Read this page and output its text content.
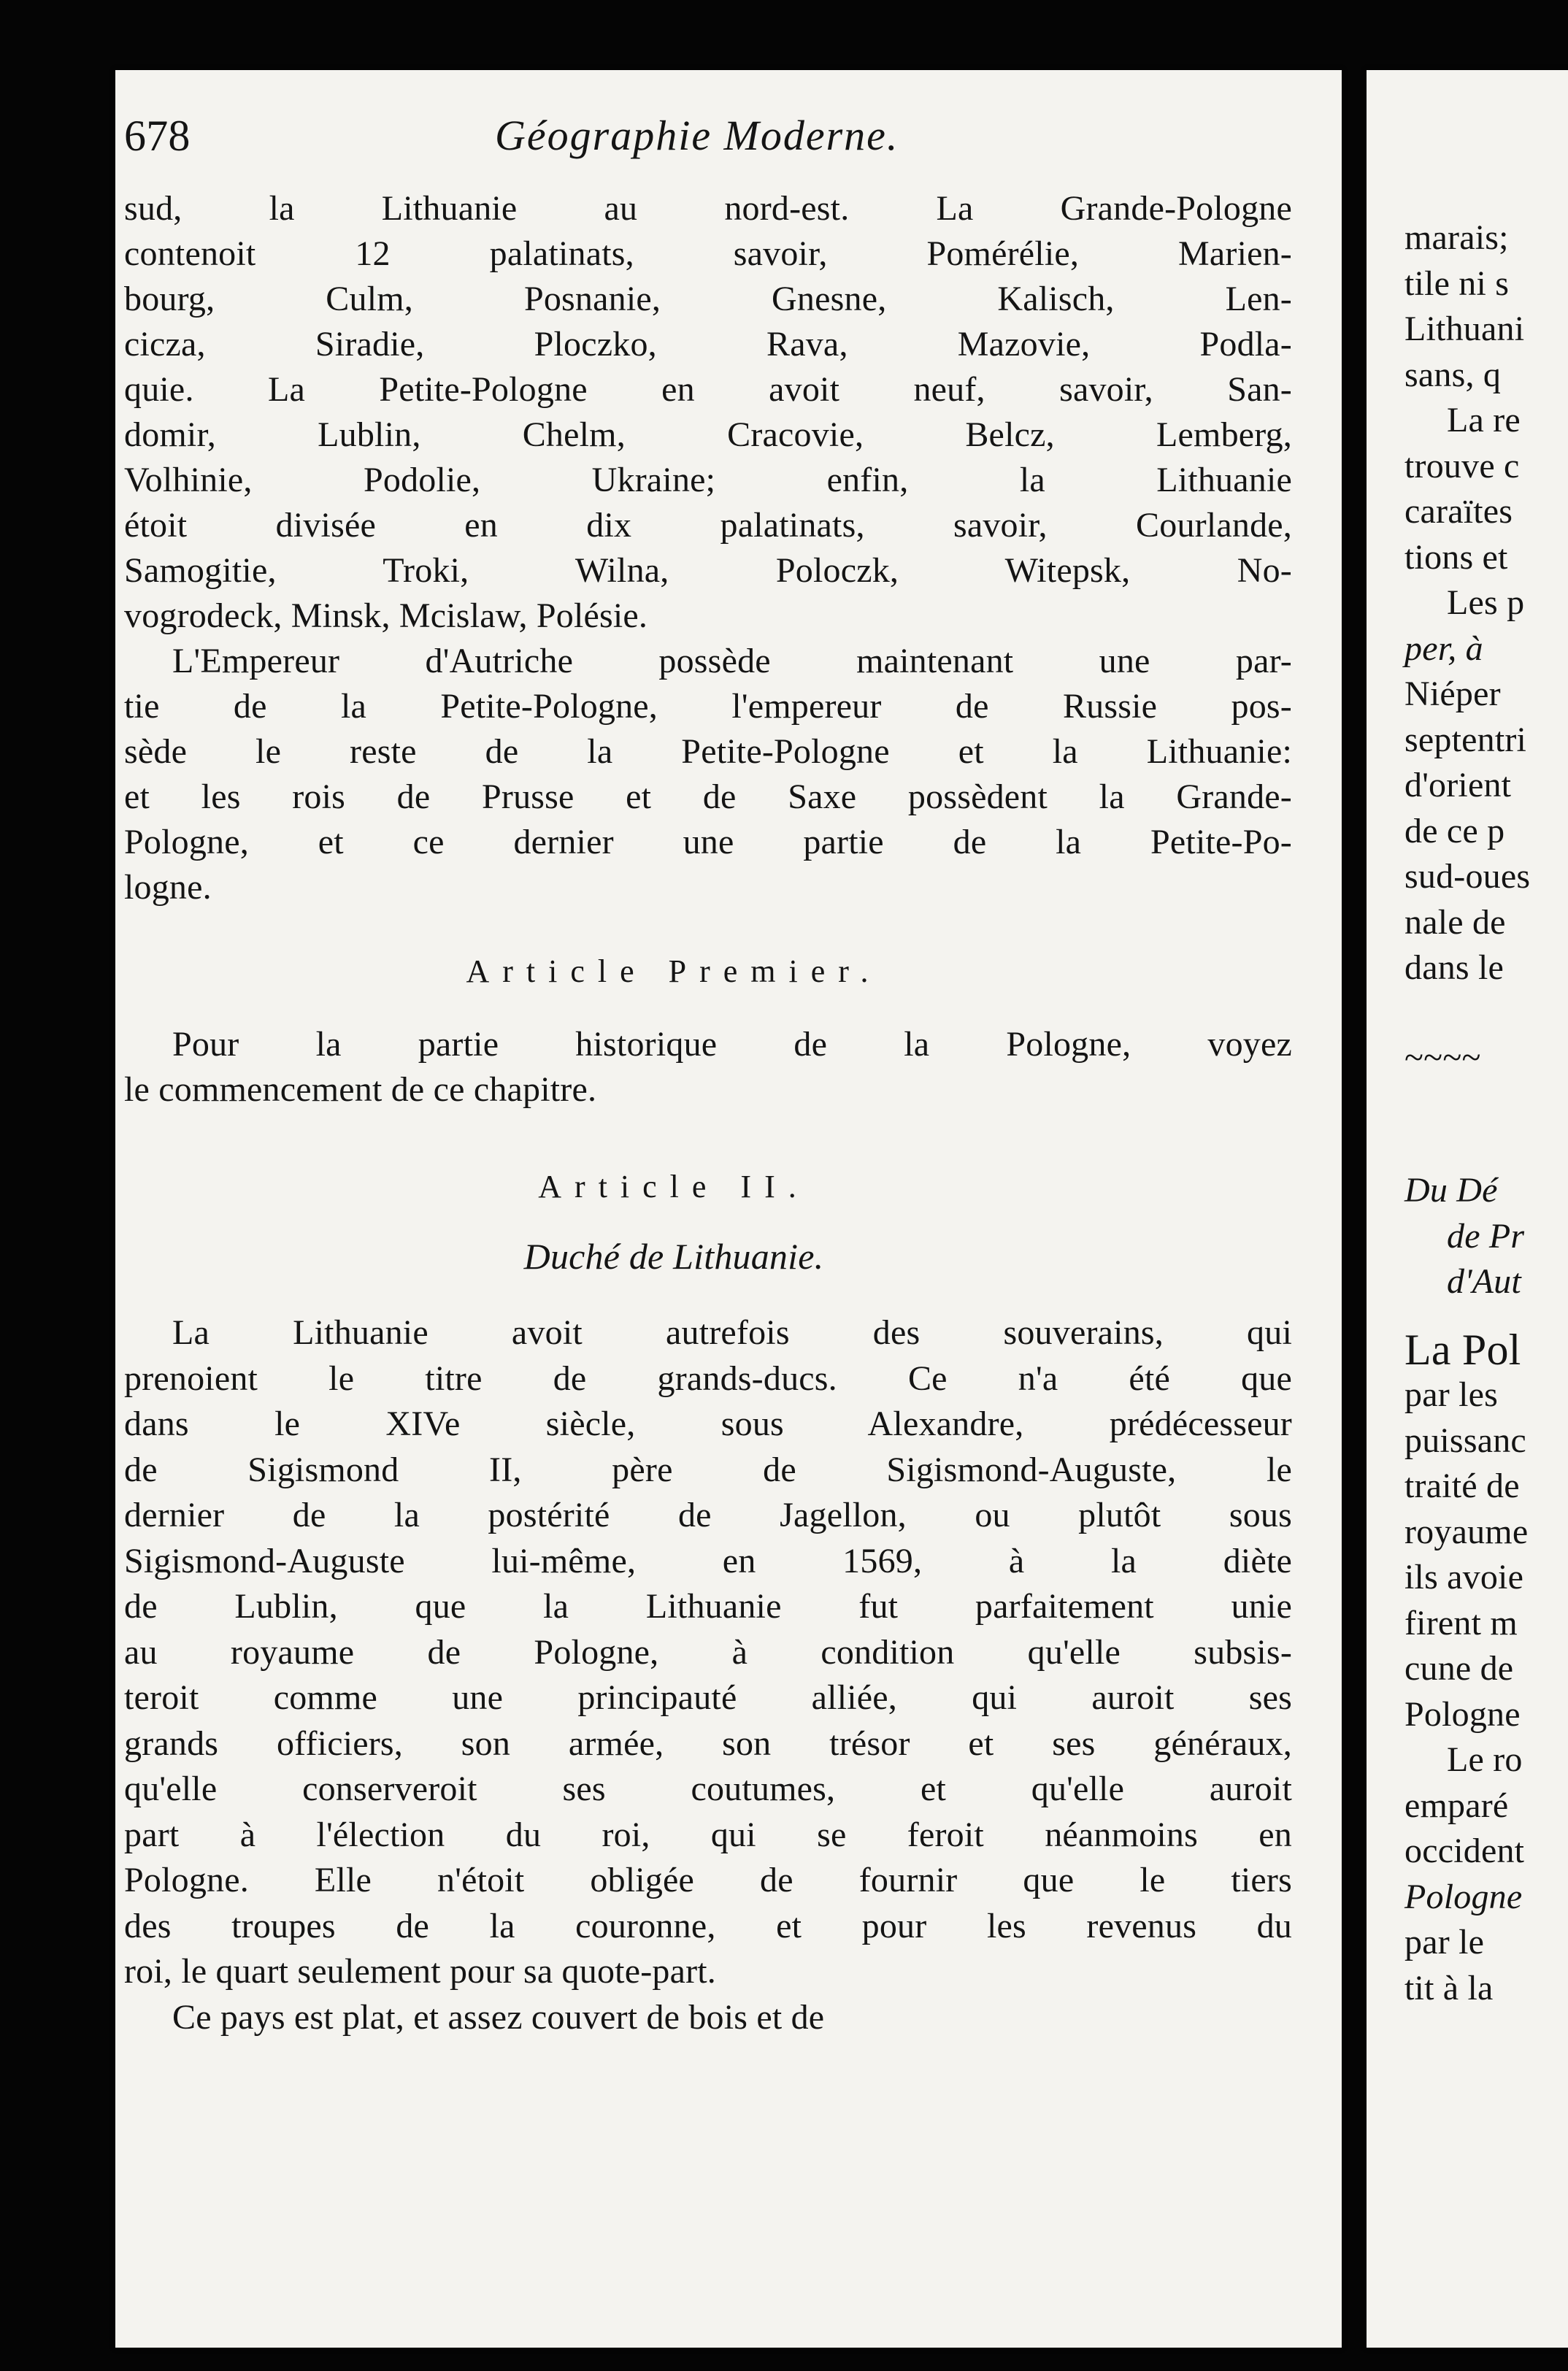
678	Géographie Moderne.
sud, la Lithuanie au nord-est. La Grande-Pologne
contenoit 12 palatinats, savoir, Pomérélie, Marien-
bourg, Culm, Posnanie, Gnesne, Kalisch, Len-
cicza, Siradie, Ploczko, Rava, Mazovie, Podla-
quie. La Petite-Pologne en avoit neuf, savoir, San-
domir, Lublin, Chelm, Cracovie, Belcz, Lemberg,
Volhinie, Podolie, Ukraine; enfin, la Lithuanie
étoit divisée en dix palatinats, savoir, Courlande,
Samogitie, Troki, Wilna, Poloczk, Witepsk, No-
vogrodeck, Minsk, Mcislaw, Polésie.
L'Empereur d'Autriche possède maintenant une par-
tie de la Petite-Pologne, l'empereur de Russie pos-
sède le reste de la Petite-Pologne et la Lithuanie:
et les rois de Prusse et de Saxe possèdent la Grande-
Pologne, et ce dernier une partie de la Petite-Po-
logne.
Article Premier.
Pour la partie historique de la Pologne, voyez
le commencement de ce chapitre.
Article II.
Duché de Lithuanie.
La Lithuanie avoit autrefois des souverains, qui
prenoient le titre de grands-ducs. Ce n'a été que
dans le XIVe siècle, sous Alexandre, prédécesseur
de Sigismond II, père de Sigismond-Auguste, le
dernier de la postérité de Jagellon, ou plutôt sous
Sigismond-Auguste lui-même, en 1569, à la diète
de Lublin, que la Lithuanie fut parfaitement unie
au royaume de Pologne, à condition qu'elle subsis-
teroit comme une principauté alliée, qui auroit ses
grands officiers, son armée, son trésor et ses généraux,
qu'elle conserveroit ses coutumes, et qu'elle auroit
part à l'élection du roi, qui se feroit néanmoins en
Pologne. Elle n'étoit obligée de fournir que le tiers
des troupes de la couronne, et pour les revenus du
roi, le quart seulement pour sa quote-part.
Ce pays est plat, et assez couvert de bois et de
marais;
tile ni s
Lithuani
sans, q
La re
trouve c
caraïtes
tions et
Les p
per, à
Niéper
septentri
d'orient
de ce p
sud-oues
nale de
dans le
~~~~
Du Dé
de Pr
d'Aut
La Pol
par les
puissanc
traité de
royaume
ils avoie
firent m
cune de
Pologne
Le ro
emparé
occident
Pologne
par le
tit à la
